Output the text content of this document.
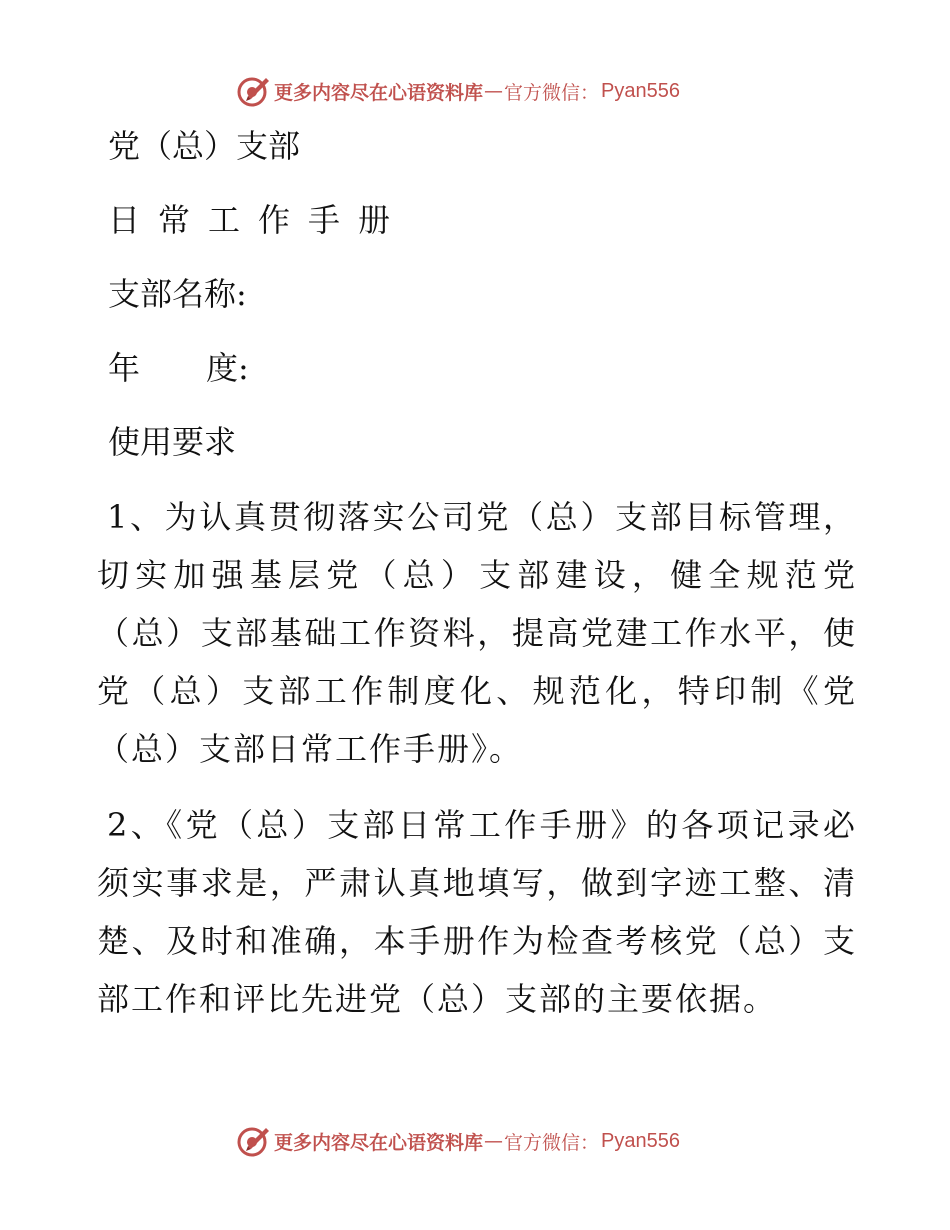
更多内容尽在心语资料库 — 官方微信： Pyan556
党（总）支部
日常工作手册
支部名称:
年 度:
使用要求
1、为认真贯彻落实公司党（总）支部目标管理，切实加强基层党（总）支部建设，健全规范党（总）支部基础工作资料，提高党建工作水平，使党（总）支部工作制度化、规范化，特印制《党（总）支部日常工作手册》。
2、《党（总）支部日常工作手册》的各项记录必须实事求是，严肃认真地填写，做到字迹工整、清楚、及时和准确，本手册作为检查考核党（总）支部工作和评比先进党（总）支部的主要依据。
更多内容尽在心语资料库 — 官方微信： Pyan556
